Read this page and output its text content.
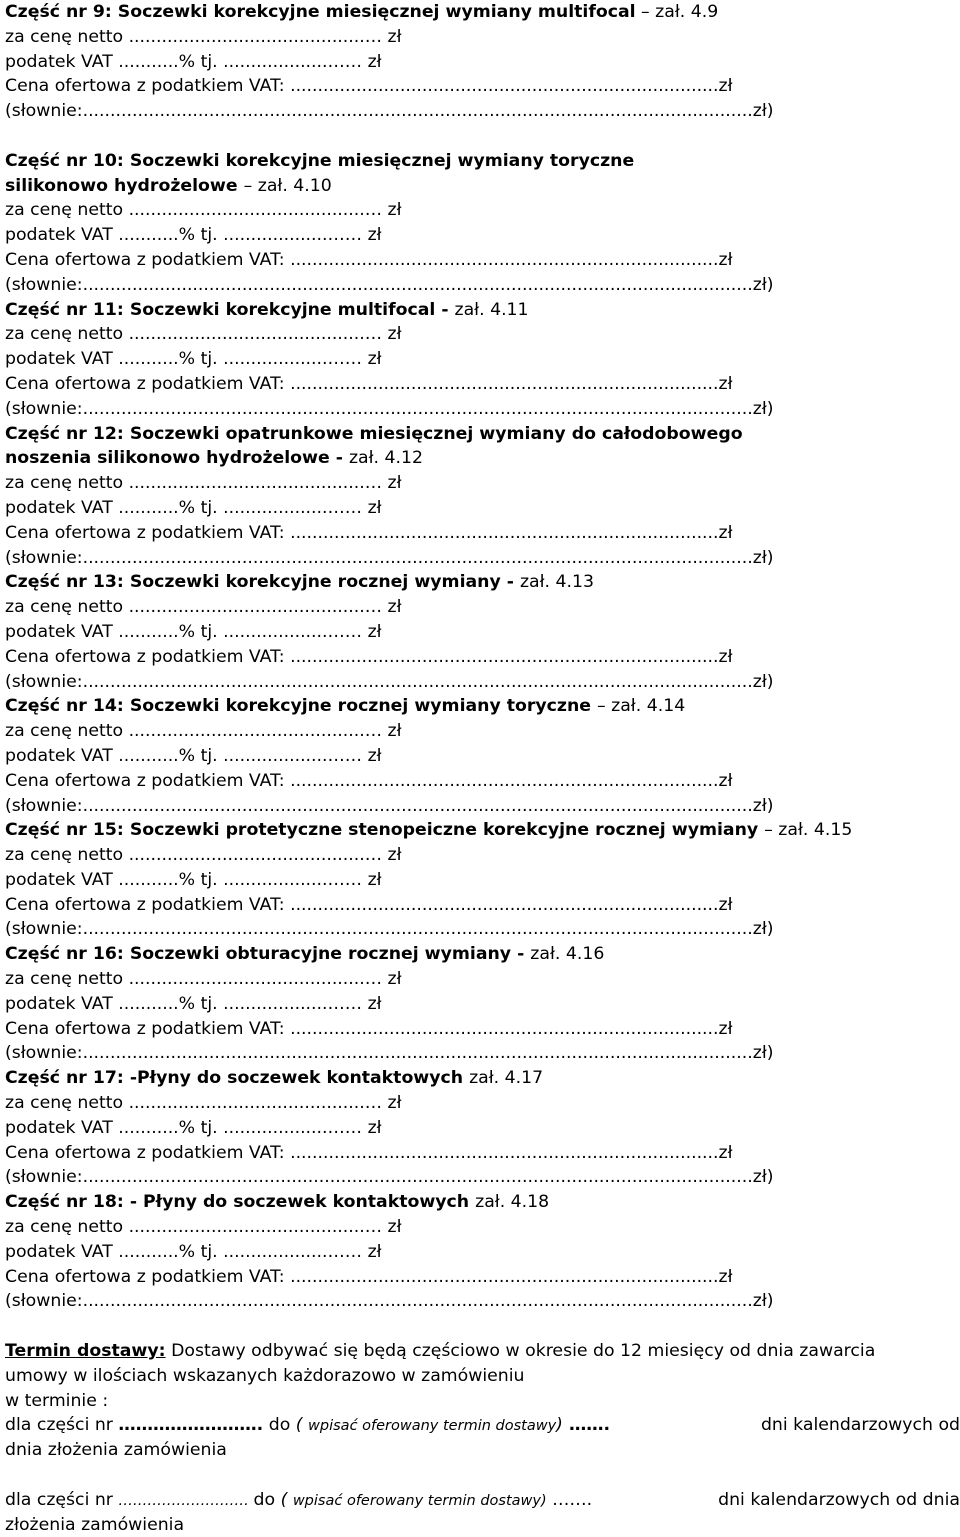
Część nr 9: Soczewki korekcyjne miesięcznej wymiany multifocal – zał. 4.9
za cenę netto ...........................................… zł
podatek VAT ...........% tj. ...................…… zł
Cena ofertowa z podatkiem VAT: ..............................................................................zł
(słownie:..........................................................................................................................zł)
Część nr 10: Soczewki korekcyjne miesięcznej wymiany toryczne
silikonowo hydrożelowe – zał. 4.10
za cenę netto ...........................................… zł
podatek VAT ...........% tj. ...................…… zł
Cena ofertowa z podatkiem VAT: ..............................................................................zł
(słownie:..........................................................................................................................zł)
Część nr 11: Soczewki korekcyjne multifocal - zał. 4.11
za cenę netto ...........................................… zł
podatek VAT ...........% tj. ...................…… zł
Cena ofertowa z podatkiem VAT: ..............................................................................zł
(słownie:..........................................................................................................................zł)
Część nr 12: Soczewki opatrunkowe miesięcznej wymiany do całodobowego
noszenia silikonowo hydrożelowe - zał. 4.12
za cenę netto ...........................................… zł
podatek VAT ...........% tj. ...................…… zł
Cena ofertowa z podatkiem VAT: ..............................................................................zł
(słownie:..........................................................................................................................zł)
Część nr 13: Soczewki korekcyjne rocznej wymiany - zał. 4.13
za cenę netto ...........................................… zł
podatek VAT ...........% tj. ...................…… zł
Cena ofertowa z podatkiem VAT: ..............................................................................zł
(słownie:..........................................................................................................................zł)
Część nr 14: Soczewki korekcyjne rocznej wymiany toryczne – zał. 4.14
za cenę netto ...........................................… zł
podatek VAT ...........% tj. ...................…… zł
Cena ofertowa z podatkiem VAT: ..............................................................................zł
(słownie:..........................................................................................................................zł)
Część nr 15: Soczewki protetyczne stenopeiczne korekcyjne rocznej wymiany – zał. 4.15
za cenę netto ...........................................… zł
podatek VAT ...........% tj. ...................…… zł
Cena ofertowa z podatkiem VAT: ..............................................................................zł
(słownie:..........................................................................................................................zł)
Część nr 16: Soczewki obturacyjne rocznej wymiany - zał. 4.16
za cenę netto ...........................................… zł
podatek VAT ...........% tj. ...................…… zł
Cena ofertowa z podatkiem VAT: ..............................................................................zł
(słownie:..........................................................................................................................zł)
Część nr 17: -Płyny do soczewek kontaktowych zał. 4.17
za cenę netto ...........................................… zł
podatek VAT ...........% tj. ...................…… zł
Cena ofertowa z podatkiem VAT: ..............................................................................zł
(słownie:..........................................................................................................................zł)
Część nr 18: - Płyny do soczewek kontaktowych zał. 4.18
za cenę netto ...........................................… zł
podatek VAT ...........% tj. ...................…… zł
Cena ofertowa z podatkiem VAT: ..............................................................................zł
(słownie:..........................................................................................................................zł)
Termin dostawy: Dostawy odbywać się będą częściowo w okresie do 12 miesięcy od dnia zawarcia
umowy w ilościach wskazanych każdorazowo w zamówieniu
w terminie :
dla części nr ……………………. do ( wpisać oferowany termin dostawy) …….	dni kalendarzowych od
dnia złożenia zamówienia
dla części nr ……………………… do ( wpisać oferowany termin dostawy) …….	dni kalendarzowych od dnia
złożenia zamówienia
